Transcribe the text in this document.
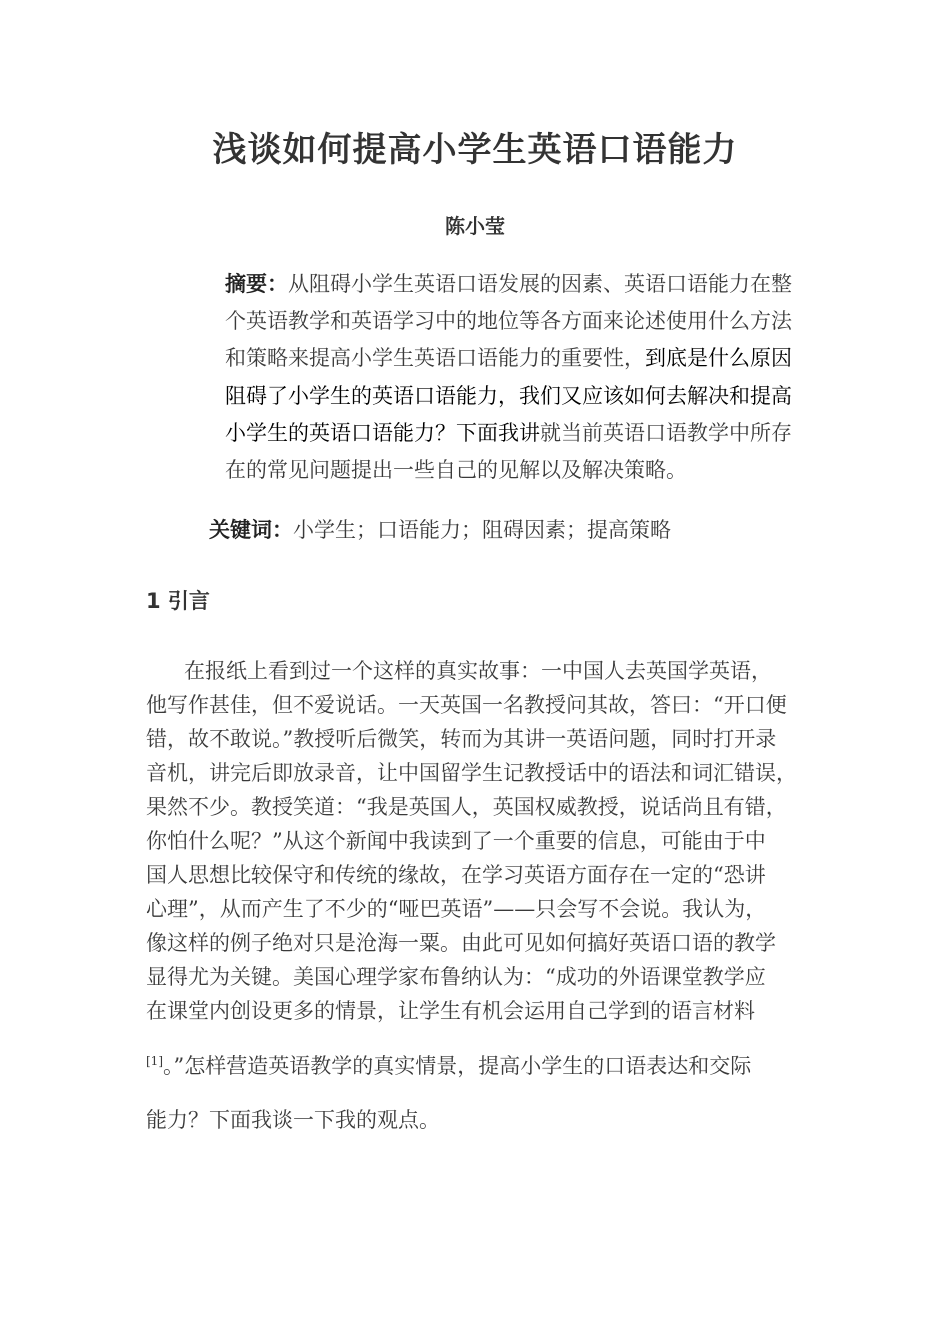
浅谈如何提高小学生英语口语能力
陈小莹
摘要：从阻碍小学生英语口语发展的因素、英语口语能力在整个英语教学和英语学习中的地位等各方面来论述使用什么方法和策略来提高小学生英语口语能力的重要性，到底是什么原因阻碍了小学生的英语口语能力，我们又应该如何去解决和提高小学生的英语口语能力？下面我讲就当前英语口语教学中所存在的常见问题提出一些自己的见解以及解决策略。
关键词：小学生；口语能力；阻碍因素；提高策略
1 引言
在报纸上看到过一个这样的真实故事：一中国人去英国学英语，
他写作甚佳，但不爱说话。一天英国一名教授问其故，答曰：“开口便
错，故不敢说。”教授听后微笑，转而为其讲一英语问题，同时打开录
音机，讲完后即放录音，让中国留学生记教授话中的语法和词汇错误，
果然不少。教授笑道：“我是英国人，英国权威教授，说话尚且有错，
你怕什么呢？”从这个新闻中我读到了一个重要的信息，可能由于中
国人思想比较保守和传统的缘故，在学习英语方面存在一定的“恐讲
心理”，从而产生了不少的“哑巴英语”——只会写不会说。我认为，
像这样的例子绝对只是沧海一粟。由此可见如何搞好英语口语的教学
显得尤为关键。美国心理学家布鲁纳认为：“成功的外语课堂教学应
在课堂内创设更多的情景，让学生有机会运用自己学到的语言材料
[1]。”怎样营造英语教学的真实情景，提高小学生的口语表达和交际
能力？下面我谈一下我的观点。
